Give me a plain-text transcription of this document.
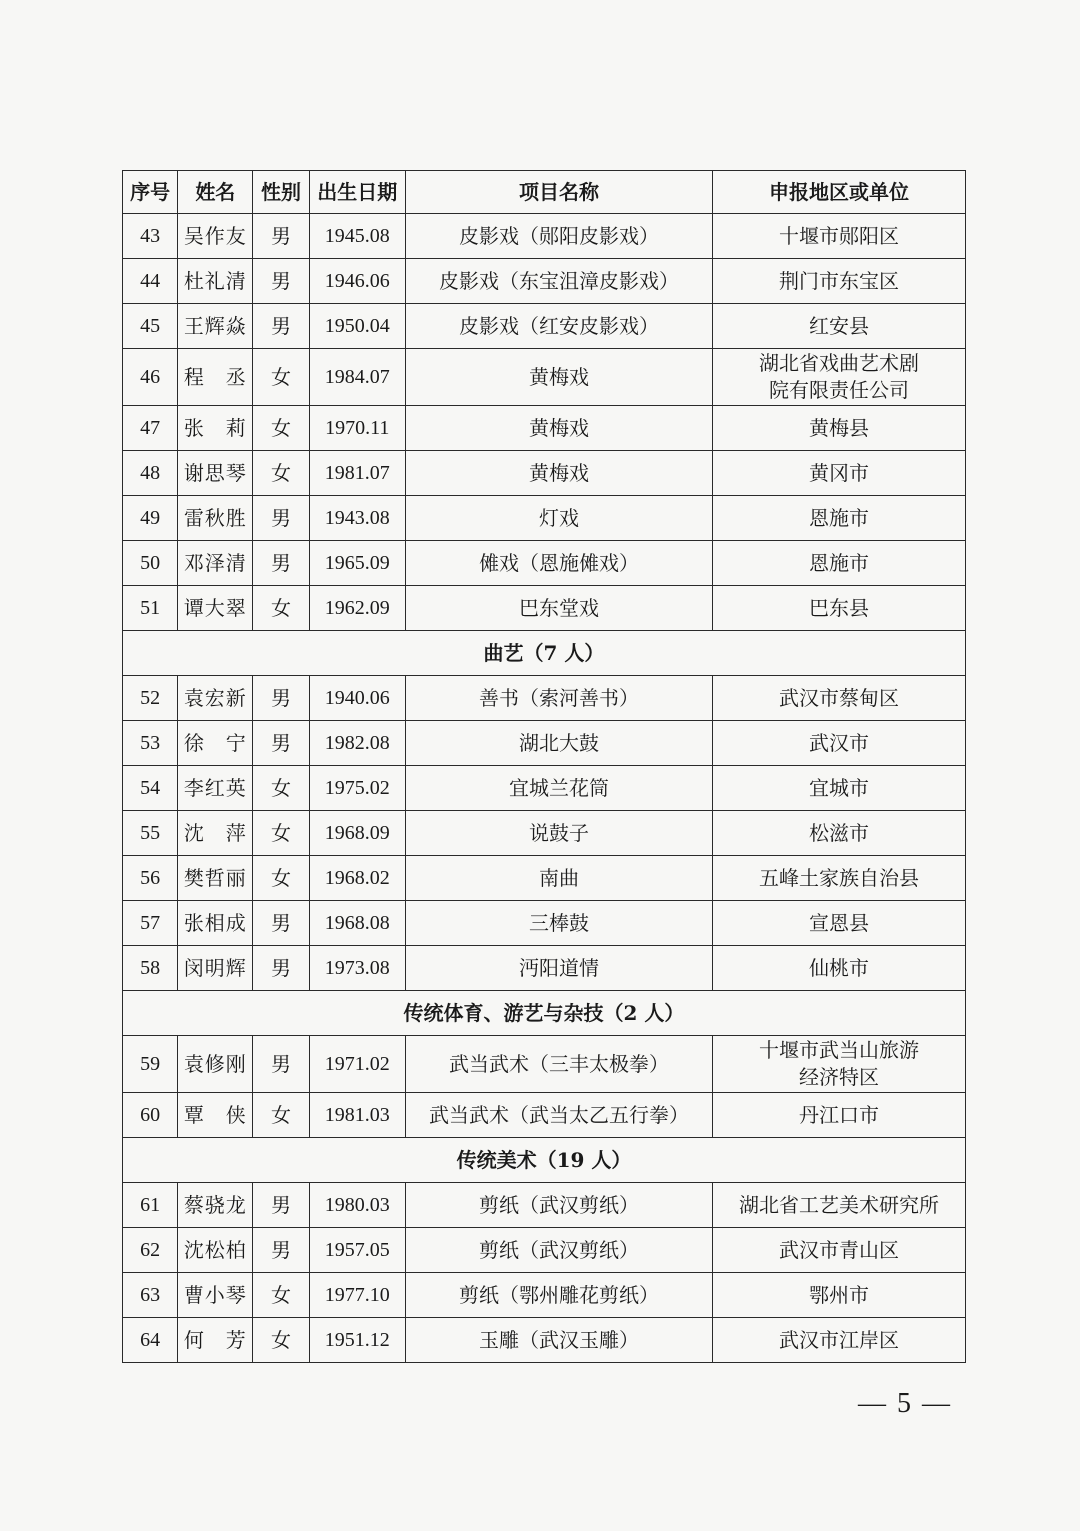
序号	姓名	性别	出生日期	项目名称	申报地区或单位
43	吴作友	男	1945.08	皮影戏（郧阳皮影戏）	十堰市郧阳区
44	杜礼清	男	1946.06	皮影戏（东宝沮漳皮影戏）	荆门市东宝区
45	王辉焱	男	1950.04	皮影戏（红安皮影戏）	红安县
46	程　丞	女	1984.07	黄梅戏	湖北省戏曲艺术剧院有限责任公司
47	张　莉	女	1970.11	黄梅戏	黄梅县
48	谢思琴	女	1981.07	黄梅戏	黄冈市
49	雷秋胜	男	1943.08	灯戏	恩施市
50	邓泽清	男	1965.09	傩戏（恩施傩戏）	恩施市
51	谭大翠	女	1962.09	巴东堂戏	巴东县
曲艺（7 人）					
52	袁宏新	男	1940.06	善书（索河善书）	武汉市蔡甸区
53	徐　宁	男	1982.08	湖北大鼓	武汉市
54	李红英	女	1975.02	宜城兰花筒	宜城市
55	沈　萍	女	1968.09	说鼓子	松滋市
56	樊哲丽	女	1968.02	南曲	五峰土家族自治县
57	张相成	男	1968.08	三棒鼓	宣恩县
58	闵明辉	男	1973.08	沔阳道情	仙桃市
传统体育、游艺与杂技（2 人）					
59	袁修刚	男	1971.02	武当武术（三丰太极拳）	十堰市武当山旅游经济特区
60	覃　侠	女	1981.03	武当武术（武当太乙五行拳）	丹江口市
传统美术（19 人）					
61	蔡骁龙	男	1980.03	剪纸（武汉剪纸）	湖北省工艺美术研究所
62	沈松柏	男	1957.05	剪纸（武汉剪纸）	武汉市青山区
63	曹小琴	女	1977.10	剪纸（鄂州雕花剪纸）	鄂州市
64	何　芳	女	1951.12	玉雕（武汉玉雕）	武汉市江岸区
— 5 —
